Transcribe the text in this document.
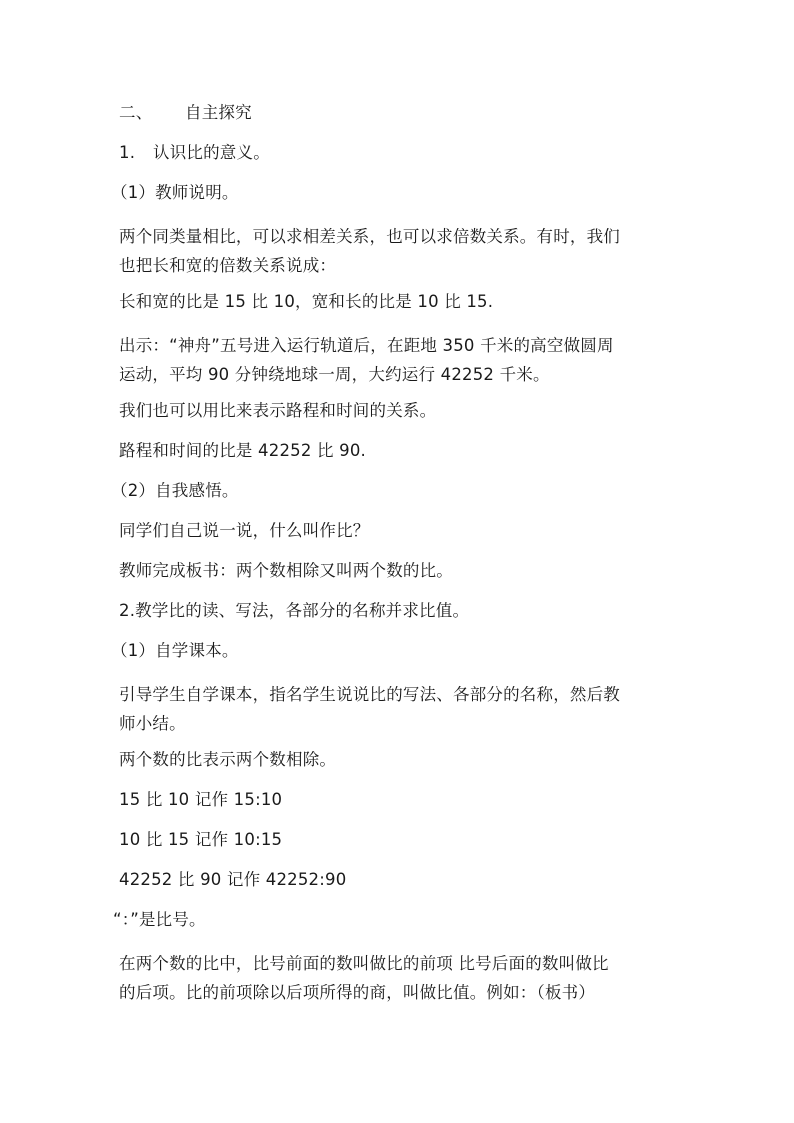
二、 自主探究
1. 认识比的意义。
（1）教师说明。
两个同类量相比，可以求相差关系，也可以求倍数关系。有时，我们
也把长和宽的倍数关系说成：
长和宽的比是 15 比 10，宽和长的比是 10 比 15.
出示：“神舟”五号进入运行轨道后，在距地 350 千米的高空做圆周
运动，平均 90 分钟绕地球一周，大约运行 42252 千米。
我们也可以用比来表示路程和时间的关系。
路程和时间的比是 42252 比 90.
（2）自我感悟。
同学们自己说一说，什么叫作比？
教师完成板书：两个数相除又叫两个数的比。
2.教学比的读、写法，各部分的名称并求比值。
（1）自学课本。
引导学生自学课本，指名学生说说比的写法、各部分的名称，然后教
师小结。
两个数的比表示两个数相除。
15 比 10 记作 15:10
10 比 15 记作 10:15
42252 比 90 记作 42252:90
“：”是比号。
在两个数的比中，比号前面的数叫做比的前项 比号后面的数叫做比
的后项。比的前项除以后项所得的商，叫做比值。例如：（板书）
